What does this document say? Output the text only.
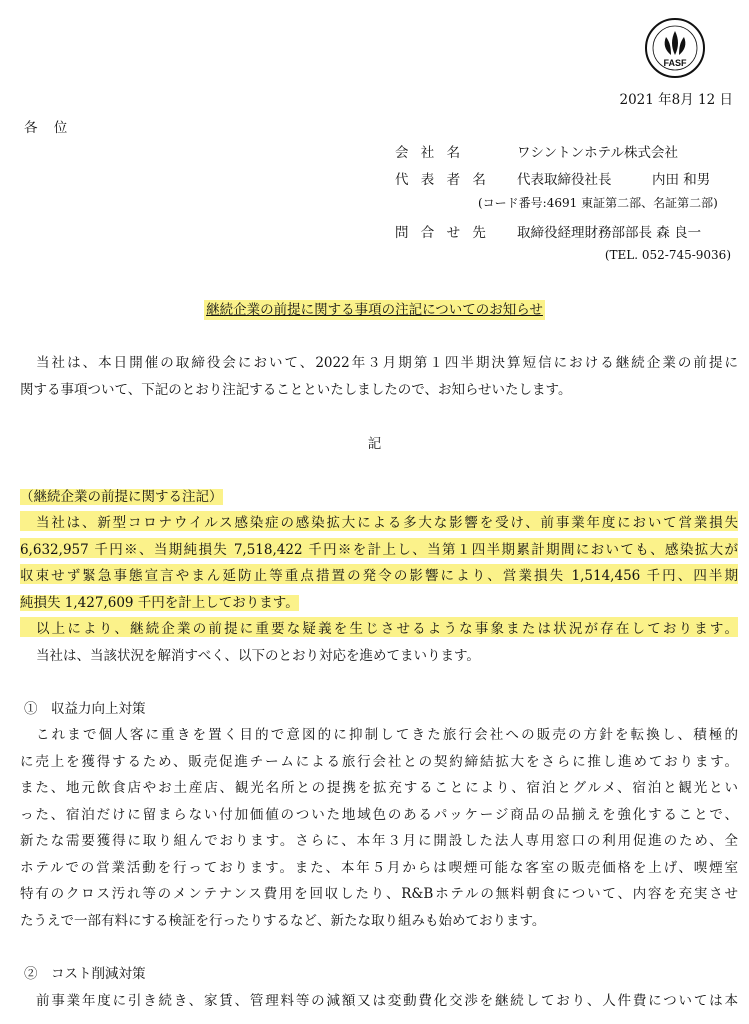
FASF
2021 年8月 12 日
各 位
会 社 名	ワシントンホテル株式会社
代 表 者 名 代表取締役社長　　　内田 和男
(コード番号:4691 東証第二部、名証第二部)
問 合 せ 先 取締役経理財務部部長 森 良一
(TEL. 052-745-9036)
継続企業の前提に関する事項の注記についてのお知らせ
当社は、本日開催の取締役会において、2022年３月期第１四半期決算短信における継続企業の前提に
関する事項ついて、下記のとおり注記することといたしましたので、お知らせいたします。
記
（継続企業の前提に関する注記）
当社は、新型コロナウイルス感染症の感染拡大による多大な影響を受け、前事業年度において営業損失
6,632,957 千円※、当期純損失 7,518,422 千円※を計上し、当第１四半期累計期間においても、感染拡大が
収束せず緊急事態宣言やまん延防止等重点措置の発令の影響により、営業損失 1,514,456 千円、四半期
純損失 1,427,609 千円を計上しております。
以上により、継続企業の前提に重要な疑義を生じさせるような事象または状況が存在しております。
当社は、当該状況を解消すべく、以下のとおり対応を進めてまいります。
①　収益力向上対策
これまで個人客に重きを置く目的で意図的に抑制してきた旅行会社への販売の方針を転換し、積極的
に売上を獲得するため、販売促進チームによる旅行会社との契約締結拡大をさらに推し進めております。
また、地元飲食店やお土産店、観光名所との提携を拡充することにより、宿泊とグルメ、宿泊と観光とい
った、宿泊だけに留まらない付加価値のついた地域色のあるパッケージ商品の品揃えを強化することで、
新たな需要獲得に取り組んでおります。さらに、本年３月に開設した法人専用窓口の利用促進のため、全
ホテルでの営業活動を行っております。また、本年５月からは喫煙可能な客室の販売価格を上げ、喫煙室
特有のクロス汚れ等のメンテナンス費用を回収したり、R&Bホテルの無料朝食について、内容を充実させ
たうえで一部有料にする検証を行ったりするなど、新たな取り組みも始めております。
②　コスト削減対策
前事業年度に引き続き、家賃、管理料等の減額又は変動費化交渉を継続しており、人件費については本
